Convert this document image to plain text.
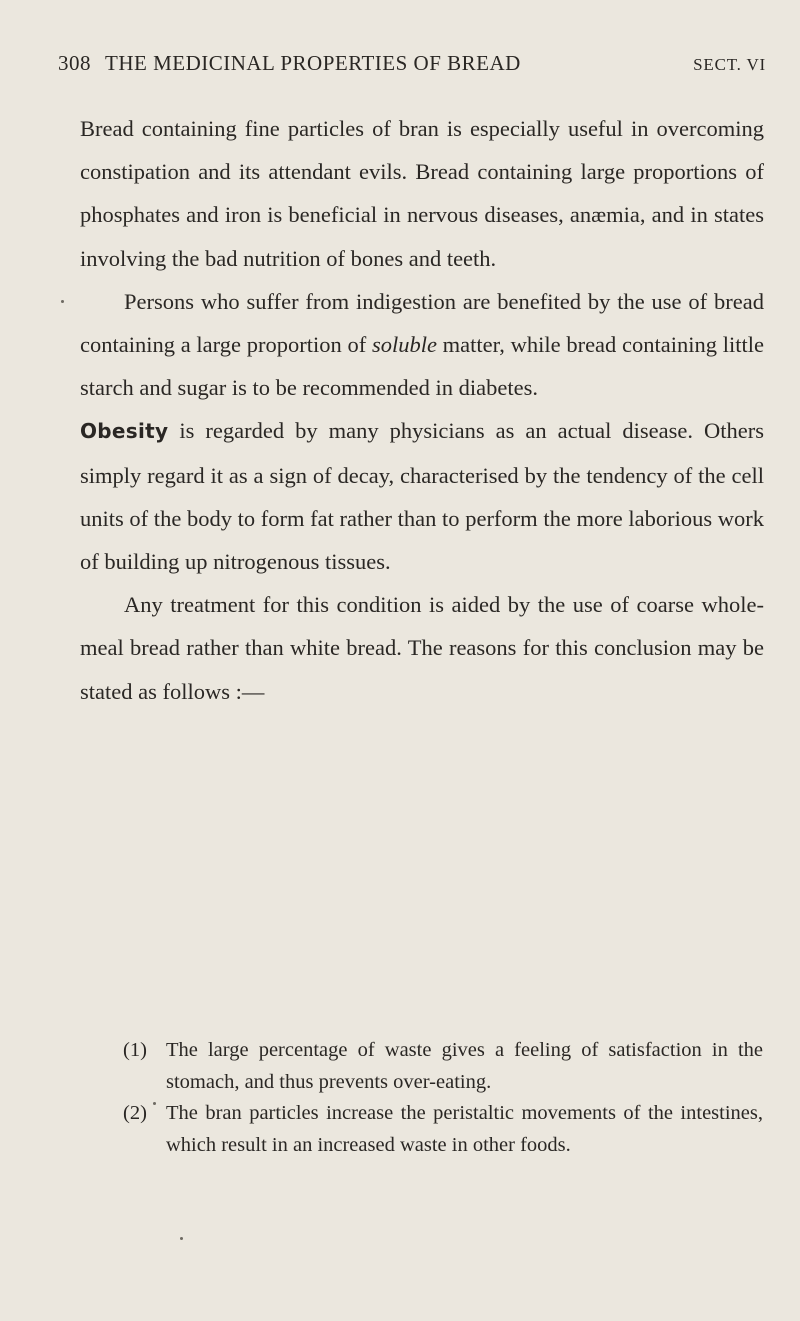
308 THE MEDICINAL PROPERTIES OF BREAD	SECT. VI

Bread containing fine particles of bran is especially useful in overcoming constipation and its attendant evils. Bread containing large proportions of phosphates and iron is beneficial in nervous diseases, anæmia, and in states involving the bad nutrition of bones and teeth.

Persons who suffer from indigestion are benefited by the use of bread containing a large proportion of soluble matter, while bread containing little starch and sugar is to be recommended in diabetes.

Obesity is regarded by many physicians as an actual disease. Others simply regard it as a sign of decay, characterised by the tendency of the cell units of the body to form fat rather than to perform the more laborious work of building up nitrogenous tissues.

Any treatment for this condition is aided by the use of coarse whole-meal bread rather than white bread. The reasons for this conclusion may be stated as follows :—

(1) The large percentage of waste gives a feeling of satisfaction in the stomach, and thus prevents over-eating.
(2) The bran particles increase the peristaltic movements of the intestines, which result in an increased waste in other foods.
